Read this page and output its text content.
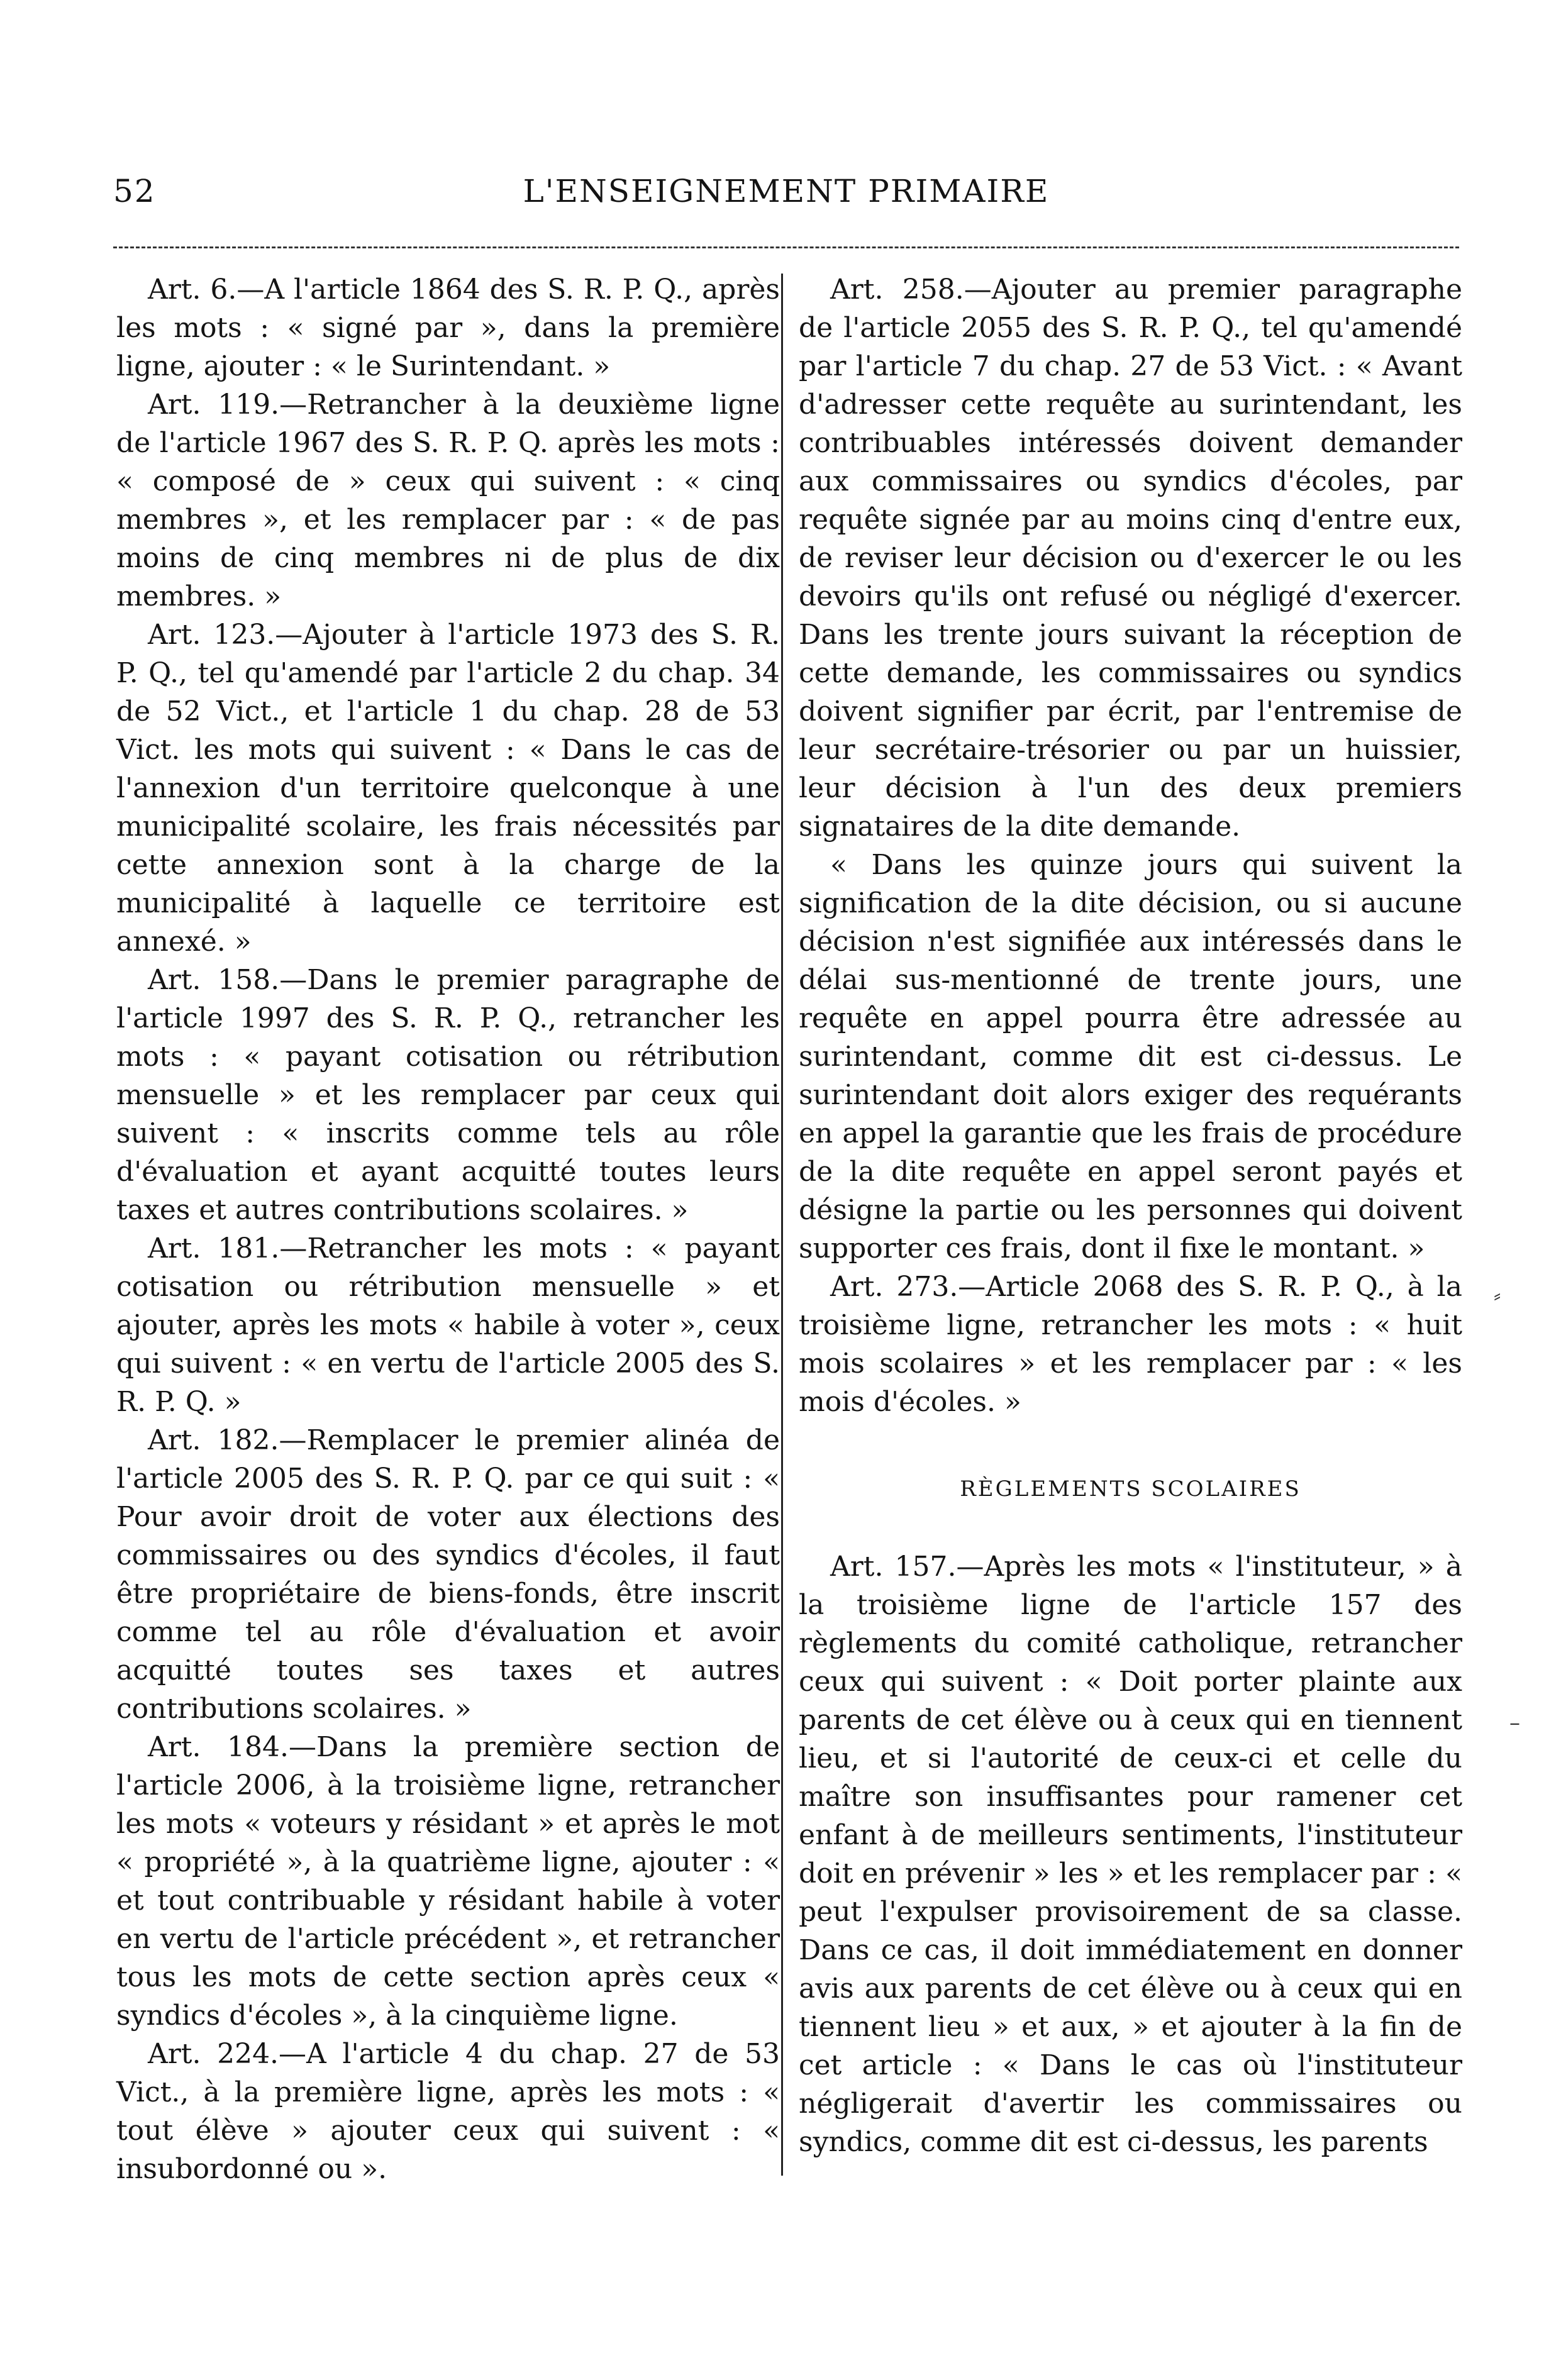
52	L'ENSEIGNEMENT PRIMAIRE

Art. 6.—A l'article 1864 des S. R. P. Q., après les mots : « signé par », dans la première ligne, ajouter : « le Surintendant. »

Art. 119.—Retrancher à la deuxième ligne de l'article 1967 des S. R. P. Q. après les mots : « composé de » ceux qui suivent : « cinq membres », et les remplacer par : « de pas moins de cinq membres ni de plus de dix membres. »

Art. 123.—Ajouter à l'article 1973 des S. R. P. Q., tel qu'amendé par l'article 2 du chap. 34 de 52 Vict., et l'article 1 du chap. 28 de 53 Vict. les mots qui suivent : « Dans le cas de l'annexion d'un territoire quelconque à une municipalité scolaire, les frais nécessités par cette annexion sont à la charge de la municipalité à laquelle ce territoire est annexé. »

Art. 158.—Dans le premier paragraphe de l'article 1997 des S. R. P. Q., retrancher les mots : « payant cotisation ou rétribution mensuelle » et les remplacer par ceux qui suivent : « inscrits comme tels au rôle d'évaluation et ayant acquitté toutes leurs taxes et autres contributions scolaires. »

Art. 181.—Retrancher les mots : « payant cotisation ou rétribution mensuelle » et ajouter, après les mots « habile à voter », ceux qui suivent : « en vertu de l'article 2005 des S. R. P. Q. »

Art. 182.—Remplacer le premier alinéa de l'article 2005 des S. R. P. Q. par ce qui suit : « Pour avoir droit de voter aux élections des commissaires ou des syndics d'écoles, il faut être propriétaire de biens-fonds, être inscrit comme tel au rôle d'évaluation et avoir acquitté toutes ses taxes et autres contributions scolaires. »

Art. 184.—Dans la première section de l'article 2006, à la troisième ligne, retrancher les mots « voteurs y résidant » et après le mot « propriété », à la quatrième ligne, ajouter : « et tout contribuable y résidant habile à voter en vertu de l'article précédent », et retrancher tous les mots de cette section après ceux « syndics d'écoles », à la cinquième ligne.

Art. 224.—A l'article 4 du chap. 27 de 53 Vict., à la première ligne, après les mots : « tout élève » ajouter ceux qui suivent : « insubordonné ou ».

Art. 258.—Ajouter au premier paragraphe de l'article 2055 des S. R. P. Q., tel qu'amendé par l'article 7 du chap. 27 de 53 Vict. : « Avant d'adresser cette requête au surintendant, les contribuables intéressés doivent demander aux commissaires ou syndics d'écoles, par requête signée par au moins cinq d'entre eux, de reviser leur décision ou d'exercer le ou les devoirs qu'ils ont refusé ou négligé d'exercer. Dans les trente jours suivant la réception de cette demande, les commissaires ou syndics doivent signifier par écrit, par l'entremise de leur secrétaire-trésorier ou par un huissier, leur décision à l'un des deux premiers signataires de la dite demande.

« Dans les quinze jours qui suivent la signification de la dite décision, ou si aucune décision n'est signifiée aux intéressés dans le délai sus-mentionné de trente jours, une requête en appel pourra être adressée au surintendant, comme dit est ci-dessus. Le surintendant doit alors exiger des requérants en appel la garantie que les frais de procédure de la dite requête en appel seront payés et désigne la partie ou les personnes qui doivent supporter ces frais, dont il fixe le montant. »

Art. 273.—Article 2068 des S. R. P. Q., à la troisième ligne, retrancher les mots : « huit mois scolaires » et les remplacer par : « les mois d'écoles. »

RÈGLEMENTS SCOLAIRES

Art. 157.—Après les mots « l'instituteur, » à la troisième ligne de l'article 157 des règlements du comité catholique, retrancher ceux qui suivent : « Doit porter plainte aux parents de cet élève ou à ceux qui en tiennent lieu, et si l'autorité de ceux-ci et celle du maître son insuffisantes pour ramener cet enfant à de meilleurs sentiments, l'instituteur doit en prévenir » les » et les remplacer par : « peut l'expulser provisoirement de sa classe. Dans ce cas, il doit immédiatement en donner avis aux parents de cet élève ou à ceux qui en tiennent lieu » et aux, » et ajouter à la fin de cet article : « Dans le cas où l'instituteur négligerait d'avertir les commissaires ou syndics, comme dit est ci-dessus, les parents

⸗
–
